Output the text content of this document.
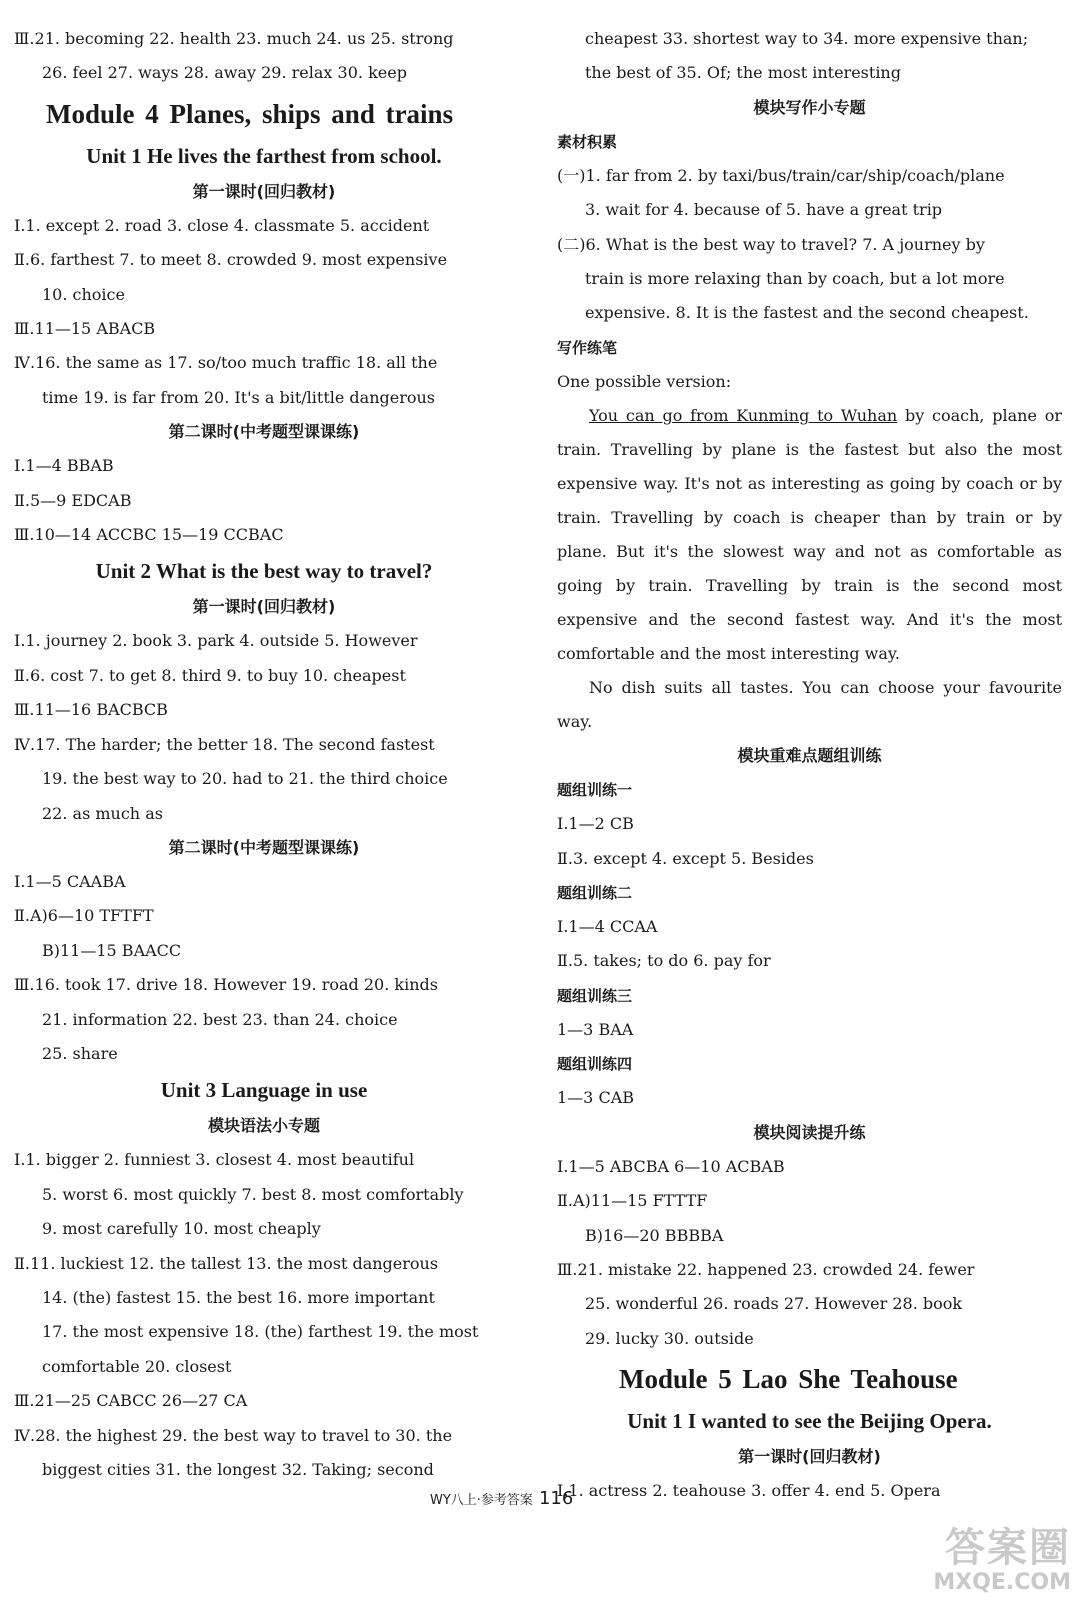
Ⅲ.21. becoming 22. health 23. much 24. us 25. strong
26. feel 27. ways 28. away 29. relax 30. keep
Module 4 Planes, ships and trains
Unit 1 He lives the farthest from school.
第一课时(回归教材)
Ⅰ.1. except 2. road 3. close 4. classmate 5. accident
Ⅱ.6. farthest 7. to meet 8. crowded 9. most expensive
10. choice
Ⅲ.11—15 ABACB
Ⅳ.16. the same as 17. so/too much traffic 18. all the
time 19. is far from 20. It's a bit/little dangerous
第二课时(中考题型课课练)
Ⅰ.1—4 BBAB
Ⅱ.5—9 EDCAB
Ⅲ.10—14 ACCBC 15—19 CCBAC
Unit 2 What is the best way to travel?
第一课时(回归教材)
Ⅰ.1. journey 2. book 3. park 4. outside 5. However
Ⅱ.6. cost 7. to get 8. third 9. to buy 10. cheapest
Ⅲ.11—16 BACBCB
Ⅳ.17. The harder; the better 18. The second fastest
19. the best way to 20. had to 21. the third choice
22. as much as
第二课时(中考题型课课练)
Ⅰ.1—5 CAABA
Ⅱ.A)6—10 TFTFT
B)11—15 BAACC
Ⅲ.16. took 17. drive 18. However 19. road 20. kinds
21. information 22. best 23. than 24. choice
25. share
Unit 3 Language in use
模块语法小专题
Ⅰ.1. bigger 2. funniest 3. closest 4. most beautiful
5. worst 6. most quickly 7. best 8. most comfortably
9. most carefully 10. most cheaply
Ⅱ.11. luckiest 12. the tallest 13. the most dangerous
14. (the) fastest 15. the best 16. more important
17. the most expensive 18. (the) farthest 19. the most
comfortable 20. closest
Ⅲ.21—25 CABCC 26—27 CA
Ⅳ.28. the highest 29. the best way to travel to 30. the
biggest cities 31. the longest 32. Taking; second
cheapest 33. shortest way to 34. more expensive than;
the best of 35. Of; the most interesting
模块写作小专题
素材积累
(一)1. far from 2. by taxi/bus/train/car/ship/coach/plane
3. wait for 4. because of 5. have a great trip
(二)6. What is the best way to travel? 7. A journey by
train is more relaxing than by coach, but a lot more
expensive. 8. It is the fastest and the second cheapest.
写作练笔
One possible version:
You can go from Kunming to Wuhan by coach, plane or train. Travelling by plane is the fastest but also the most expensive way. It's not as interesting as going by coach or by train. Travelling by coach is cheaper than by train or by plane. But it's the slowest way and not as comfortable as going by train. Travelling by train is the second most expensive and the second fastest way. And it's the most comfortable and the most interesting way.
No dish suits all tastes. You can choose your favourite way.
模块重难点题组训练
题组训练一
Ⅰ.1—2 CB
Ⅱ.3. except 4. except 5. Besides
题组训练二
Ⅰ.1—4 CCAA
Ⅱ.5. takes; to do 6. pay for
题组训练三
1—3 BAA
题组训练四
1—3 CAB
模块阅读提升练
Ⅰ.1—5 ABCBA 6—10 ACBAB
Ⅱ.A)11—15 FTTTF
B)16—20 BBBBA
Ⅲ.21. mistake 22. happened 23. crowded 24. fewer
25. wonderful 26. roads 27. However 28. book
29. lucky 30. outside
Module 5 Lao She Teahouse
Unit 1 I wanted to see the Beijing Opera.
第一课时(回归教材)
Ⅰ.1. actress 2. teahouse 3. offer 4. end 5. Opera
WY八上·参考答案 116
答案圈
MXQE.COM
